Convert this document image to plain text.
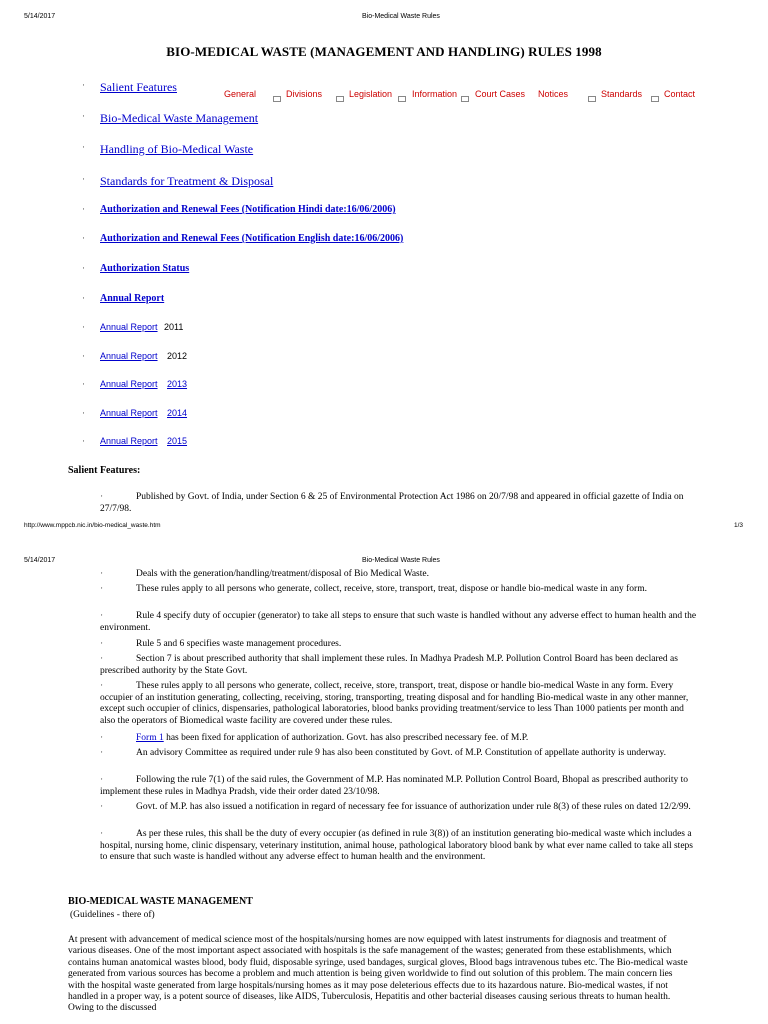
5/14/2017	Bio-Medical Waste Rules
BIO-MEDICAL WASTE (MANAGEMENT AND HANDLING) RULES 1998
General	Divisions	Legislation Information Court Cases Notices	Standards Contact
· Salient Features
· Bio-Medical Waste Management
· Handling of Bio-Medical Waste
· Standards for Treatment & Disposal
· Authorization and Renewal Fees (Notification Hindi date:16/06/2006)
· Authorization and Renewal Fees (Notification English date:16/06/2006)
· Authorization Status
· Annual Report
· Annual Report 2011
· Annual Report 2012
· Annual Report 2013
· Annual Report 2014
· Annual Report 2015
Salient Features:
·	Published by Govt. of India, under Section 6 & 25 of Environmental Protection Act 1986 on 20/7/98 and appeared in official gazette of India on 27/7/98.
http://www.mppcb.nic.in/bio-medical_waste.htm	1/3
5/14/2017	Bio-Medical Waste Rules
·	Deals with the generation/handling/treatment/disposal of Bio Medical Waste.
·	These rules apply to all persons who generate, collect, receive, store, transport, treat, dispose or handle bio-medical waste in any form.
·	Rule 4 specify duty of occupier (generator) to take all steps to ensure that such waste is handled without any adverse effect to human health and the environment.
·	Rule 5 and 6 specifies waste management procedures.
·	Section 7 is about prescribed authority that shall implement these rules. In Madhya Pradesh M.P. Pollution Control Board has been declared as prescribed authority by the State Govt.
·	These rules apply to all persons who generate, collect, receive, store, transport, treat, dispose or handle bio-medical Waste in any form. Every occupier of an institution generating, collecting, receiving, storing, transporting, treating disposal and for handling Bio-medical waste in any other manner, except such occupier of clinics, dispensaries, pathological laboratories, blood banks providing treatment/service to less Than 1000 patients per month and also the operators of Biomedical waste facility are covered under these rules.
·	Form 1 has been fixed for application of authorization. Govt. has also prescribed necessary fee. of M.P.
·	An advisory Committee as required under rule 9 has also been constituted by Govt. of M.P. Constitution of appellate authority is underway.
·	Following the rule 7(1) of the said rules, the Government of M.P. Has nominated M.P. Pollution Control Board, Bhopal as prescribed authority to implement these rules in Madhya Pradsh, vide their order dated 23/10/98.
·	Govt. of M.P. has also issued a notification in regard of necessary fee for issuance of authorization under rule 8(3) of these rules on dated 12/2/99.
·	As per these rules, this shall be the duty of every occupier (as defined in rule 3(8)) of an institution generating bio-medical waste which includes a hospital, nursing home, clinic dispensary, veterinary institution, animal house, pathological laboratory blood bank by what ever name called to take all steps to ensure that such waste is handled without any adverse effect to human health and the environment.
BIO-MEDICAL WASTE MANAGEMENT
(Guidelines - there of)
At present with advancement of medical science most of the hospitals/nursing homes are now equipped with latest instruments for diagnosis and treatment of various diseases. One of the most important aspect associated with hospitals is the safe management of the wastes; generated from these establishments, which contains human anatomical wastes blood, body fluid, disposable syringe, used bandages, surgical gloves, Blood bags intravenous tubes etc. The Bio-medical waste generated from various sources has become a problem and much attention is being given worldwide to find out solution of this problem. The main concern lies with the hospital waste generated from large hospitals/nursing homes as it may pose deleterious effects due to its hazardous nature. Bio-medical wastes, if not handled in a proper way, is a potent source of diseases, like AIDS, Tuberculosis, Hepatitis and other bacterial diseases causing serious threats to human health. Owing to the discussed
